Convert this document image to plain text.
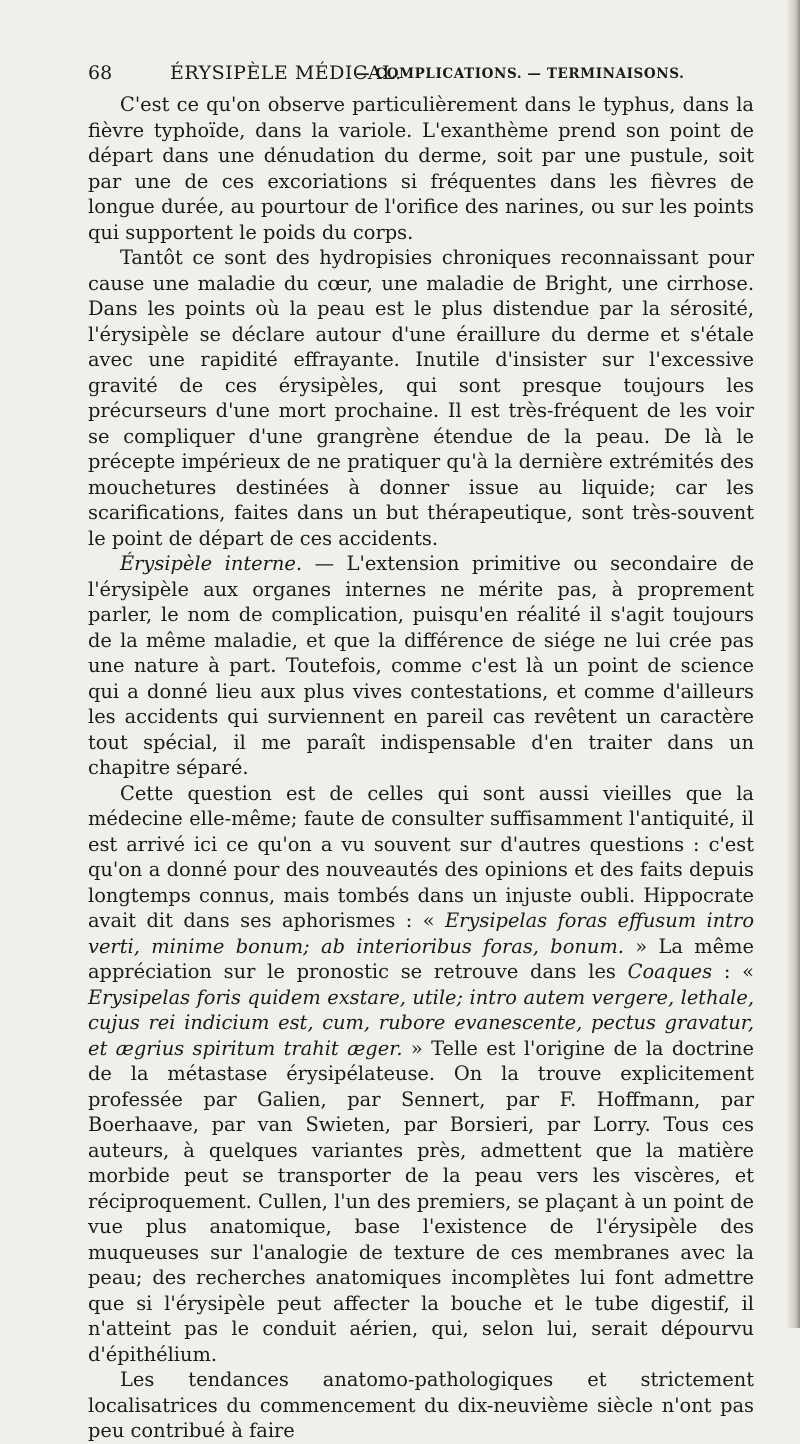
68	ÉRYSIPÈLE MÉDICAL.
— COMPLICATIONS. — TERMINAISONS.

C'est ce qu'on observe particulièrement dans le typhus, dans la fièvre typhoïde, dans la variole. L'exanthème prend son point de départ dans une dénudation du derme, soit par une pustule, soit par une de ces excoriations si fréquentes dans les fièvres de longue durée, au pourtour de l'orifice des narines, ou sur les points qui supportent le poids du corps.

Tantôt ce sont des hydropisies chroniques reconnaissant pour cause une maladie du cœur, une maladie de Bright, une cirrhose. Dans les points où la peau est le plus distendue par la sérosité, l'érysipèle se déclare autour d'une éraillure du derme et s'étale avec une rapidité effrayante. Inutile d'insister sur l'excessive gravité de ces érysipèles, qui sont presque toujours les précurseurs d'une mort prochaine. Il est très-fréquent de les voir se compliquer d'une grangrène étendue de la peau. De là le précepte impérieux de ne pratiquer qu'à la dernière extrémités des mouchetures destinées à donner issue au liquide; car les scarifications, faites dans un but thérapeutique, sont très-souvent le point de départ de ces accidents.

Érysipèle interne. — L'extension primitive ou secondaire de l'érysipèle aux organes internes ne mérite pas, à proprement parler, le nom de complication, puisqu'en réalité il s'agit toujours de la même maladie, et que la différence de siége ne lui crée pas une nature à part. Toutefois, comme c'est là un point de science qui a donné lieu aux plus vives contestations, et comme d'ailleurs les accidents qui surviennent en pareil cas revêtent un caractère tout spécial, il me paraît indispensable d'en traiter dans un chapitre séparé.

Cette question est de celles qui sont aussi vieilles que la médecine elle-même; faute de consulter suffisamment l'antiquité, il est arrivé ici ce qu'on a vu souvent sur d'autres questions : c'est qu'on a donné pour des nouveautés des opinions et des faits depuis longtemps connus, mais tombés dans un injuste oubli. Hippocrate avait dit dans ses aphorismes : « Erysipelas foras effusum intro verti, minime bonum; ab interioribus foras, bonum. » La même appréciation sur le pronostic se retrouve dans les Coaques : « Erysipelas foris quidem exstare, utile; intro autem vergere, lethale, cujus rei indicium est, cum, rubore evanescente, pectus gravatur, et ægrius spiritum trahit æger. » Telle est l'origine de la doctrine de la métastase érysipélateuse. On la trouve explicitement professée par Galien, par Sennert, par F. Hoffmann, par Boerhaave, par van Swieten, par Borsieri, par Lorry. Tous ces auteurs, à quelques variantes près, admettent que la matière morbide peut se transporter de la peau vers les viscères, et réciproquement. Cullen, l'un des premiers, se plaçant à un point de vue plus anatomique, base l'existence de l'érysipèle des muqueuses sur l'analogie de texture de ces membranes avec la peau; des recherches anatomiques incomplètes lui font admettre que si l'érysipèle peut affecter la bouche et le tube digestif, il n'atteint pas le conduit aérien, qui, selon lui, serait dépourvu d'épithélium.

Les tendances anatomo-pathologiques et strictement localisatrices du commencement du dix-neuvième siècle n'ont pas peu contribué à faire
